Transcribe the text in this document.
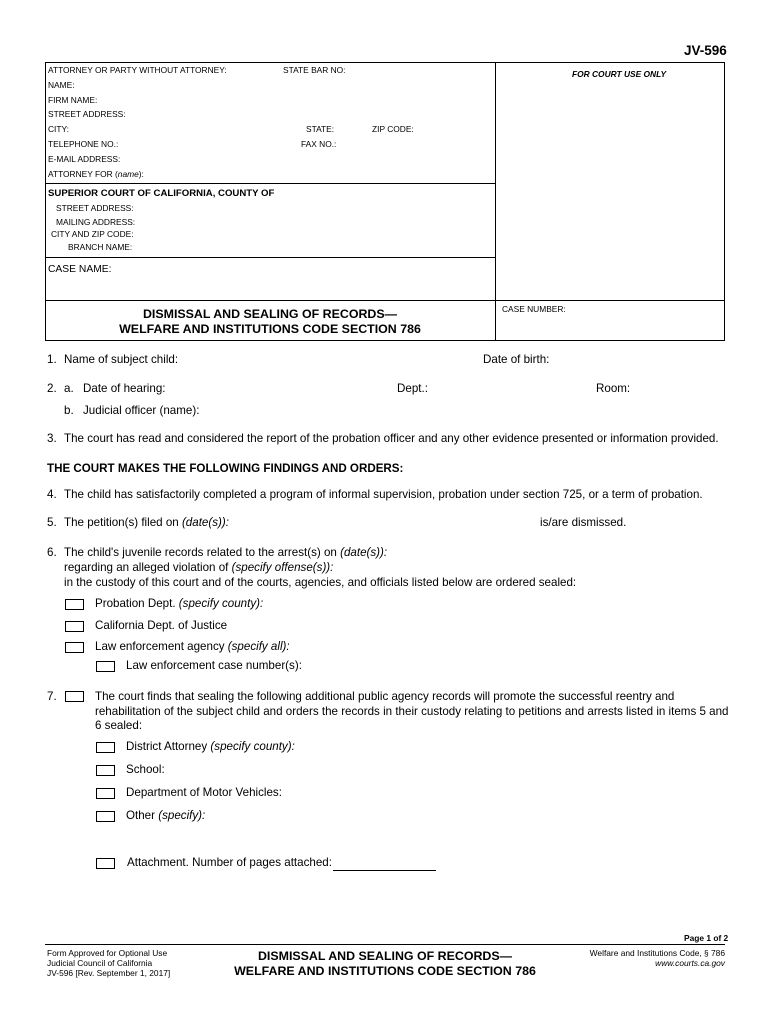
JV-596
ATTORNEY OR PARTY WITHOUT ATTORNEY:	STATE BAR NO:	FOR COURT USE ONLY
NAME:
FIRM NAME:
STREET ADDRESS:
CITY:	STATE:	ZIP CODE:
TELEPHONE NO.:	FAX NO.:
E-MAIL ADDRESS:
ATTORNEY FOR (name):
SUPERIOR COURT OF CALIFORNIA, COUNTY OF
STREET ADDRESS:
MAILING ADDRESS:
CITY AND ZIP CODE:
BRANCH NAME:
CASE NAME:
DISMISSAL AND SEALING OF RECORDS—
WELFARE AND INSTITUTIONS CODE SECTION 786
CASE NUMBER:
1. Name of subject child:	Date of birth:
2. a. Date of hearing:	Dept.:	Room:
b. Judicial officer (name):
3. The court has read and considered the report of the probation officer and any other evidence presented or information provided.
THE COURT MAKES THE FOLLOWING FINDINGS AND ORDERS:
4. The child has satisfactorily completed a program of informal supervision, probation under section 725, or a term of probation.
5. The petition(s) filed on (date(s)):	is/are dismissed.
6. The child's juvenile records related to the arrest(s) on (date(s)):
regarding an alleged violation of (specify offense(s)):
in the custody of this court and of the courts, agencies, and officials listed below are ordered sealed:
Probation Dept. (specify county):
California Dept. of Justice
Law enforcement agency (specify all):
Law enforcement case number(s):
7.	The court finds that sealing the following additional public agency records will promote the successful reentry and
rehabilitation of the subject child and orders the records in their custody relating to petitions and arrests listed in items 5 and
6 sealed:
District Attorney (specify county):
School:
Department of Motor Vehicles:
Other (specify):
Attachment. Number of pages attached:
Page 1 of 2
Form Approved for Optional Use
Judicial Council of California
JV-596 [Rev. September 1, 2017]
DISMISSAL AND SEALING OF RECORDS—
WELFARE AND INSTITUTIONS CODE SECTION 786
Welfare and Institutions Code, § 786
www.courts.ca.gov
